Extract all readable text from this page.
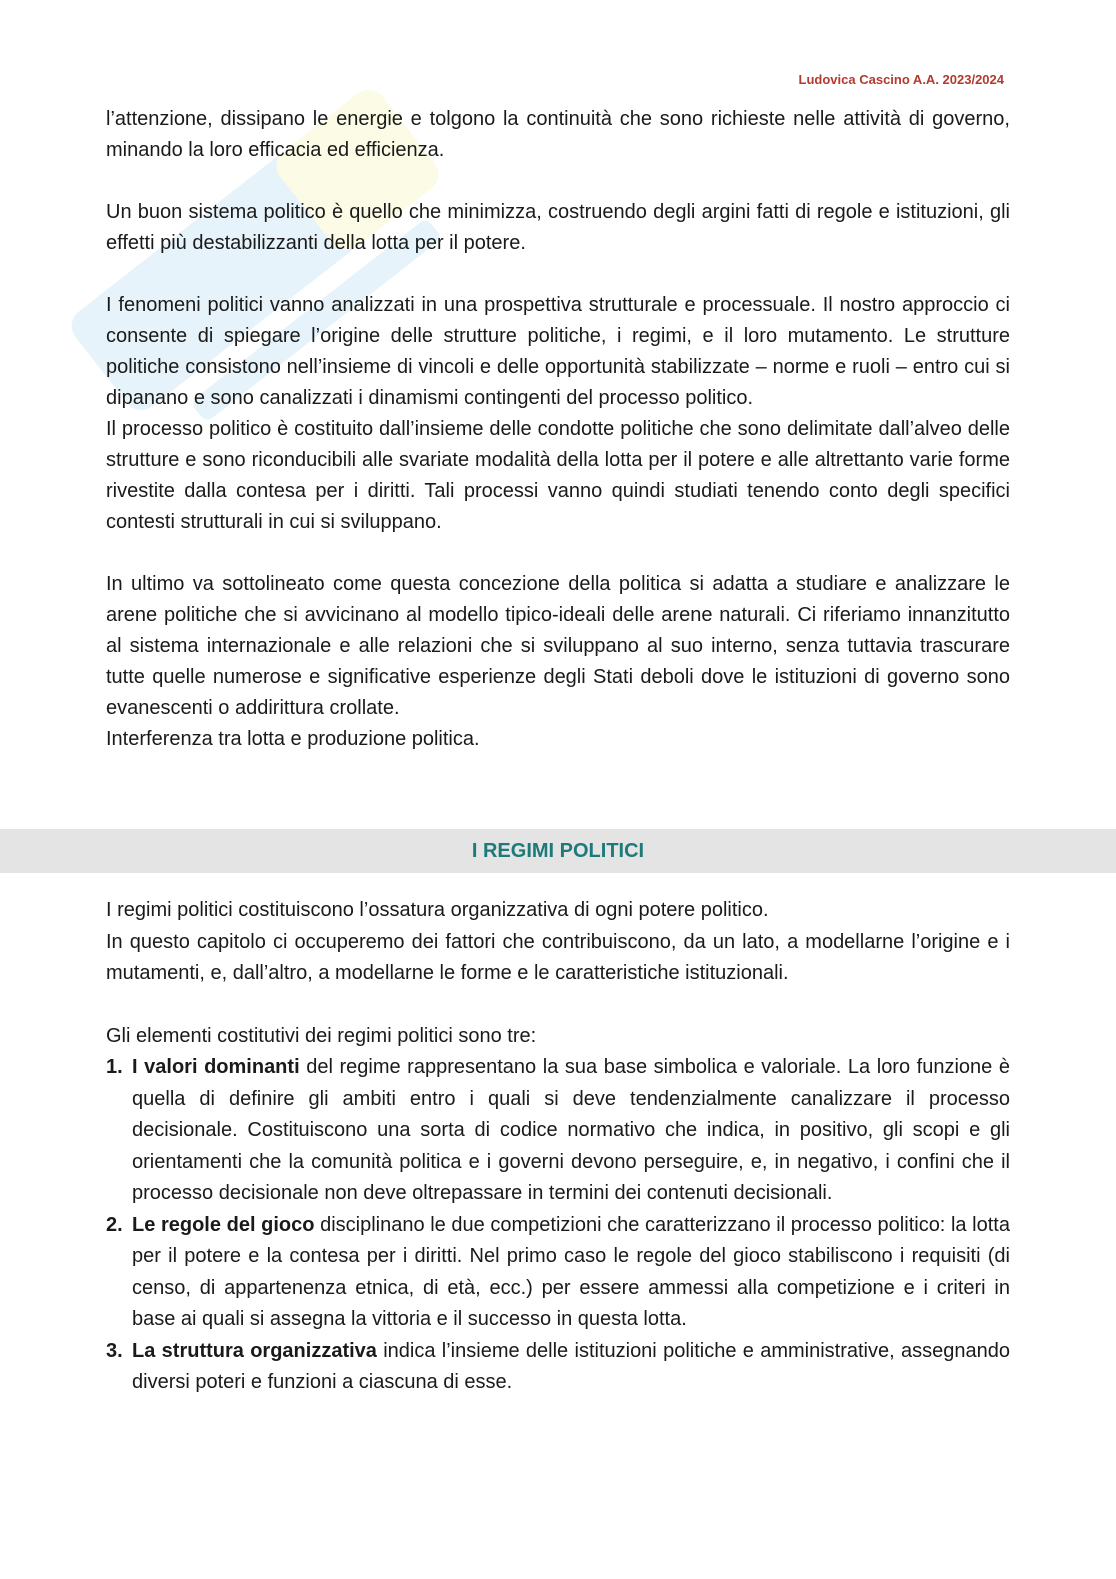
Ludovica Cascino A.A. 2023/2024

l’attenzione, dissipano le energie e tolgono la continuità che sono richieste nelle attività di governo, minando la loro efficacia ed efficienza.

Un buon sistema politico è quello che minimizza, costruendo degli argini fatti di regole e istituzioni, gli effetti più destabilizzanti della lotta per il potere.

I fenomeni politici vanno analizzati in una prospettiva strutturale e processuale. Il nostro approccio ci consente di spiegare l’origine delle strutture politiche, i regimi, e il loro mutamento. Le strutture politiche consistono nell’insieme di vincoli e delle opportunità stabilizzate – norme e ruoli – entro cui si dipanano e sono canalizzati i dinamismi contingenti del processo politico.

Il processo politico è costituito dall’insieme delle condotte politiche che sono delimitate dall’alveo delle strutture e sono riconducibili alle svariate modalità della lotta per il potere e alle altrettanto varie forme rivestite dalla contesa per i diritti. Tali processi vanno quindi studiati tenendo conto degli specifici contesti strutturali in cui si sviluppano.

In ultimo va sottolineato come questa concezione della politica si adatta a studiare e analizzare le arene politiche che si avvicinano al modello tipico-ideali delle arene naturali. Ci riferiamo innanzitutto al sistema internazionale e alle relazioni che si sviluppano al suo interno, senza tuttavia trascurare tutte quelle numerose e significative esperienze degli Stati deboli dove le istituzioni di governo sono evanescenti o addirittura crollate.

Interferenza tra lotta e produzione politica.

I REGIMI POLITICI

I regimi politici costituiscono l’ossatura organizzativa di ogni potere politico.

In questo capitolo ci occuperemo dei fattori che contribuiscono, da un lato, a modellarne l’origine e i mutamenti, e, dall’altro, a modellarne le forme e le caratteristiche istituzionali.

Gli elementi costitutivi dei regimi politici sono tre:

1. I valori dominanti del regime rappresentano la sua base simbolica e valoriale. La loro funzione è quella di definire gli ambiti entro i quali si deve tendenzialmente canalizzare il processo decisionale. Costituiscono una sorta di codice normativo che indica, in positivo, gli scopi e gli orientamenti che la comunità politica e i governi devono perseguire, e, in negativo, i confini che il processo decisionale non deve oltrepassare in termini dei contenuti decisionali.
2. Le regole del gioco disciplinano le due competizioni che caratterizzano il processo politico: la lotta per il potere e la contesa per i diritti. Nel primo caso le regole del gioco stabiliscono i requisiti (di censo, di appartenenza etnica, di età, ecc.) per essere ammessi alla competizione e i criteri in base ai quali si assegna la vittoria e il successo in questa lotta.
3. La struttura organizzativa indica l’insieme delle istituzioni politiche e amministrative, assegnando diversi poteri e funzioni a ciascuna di esse.
